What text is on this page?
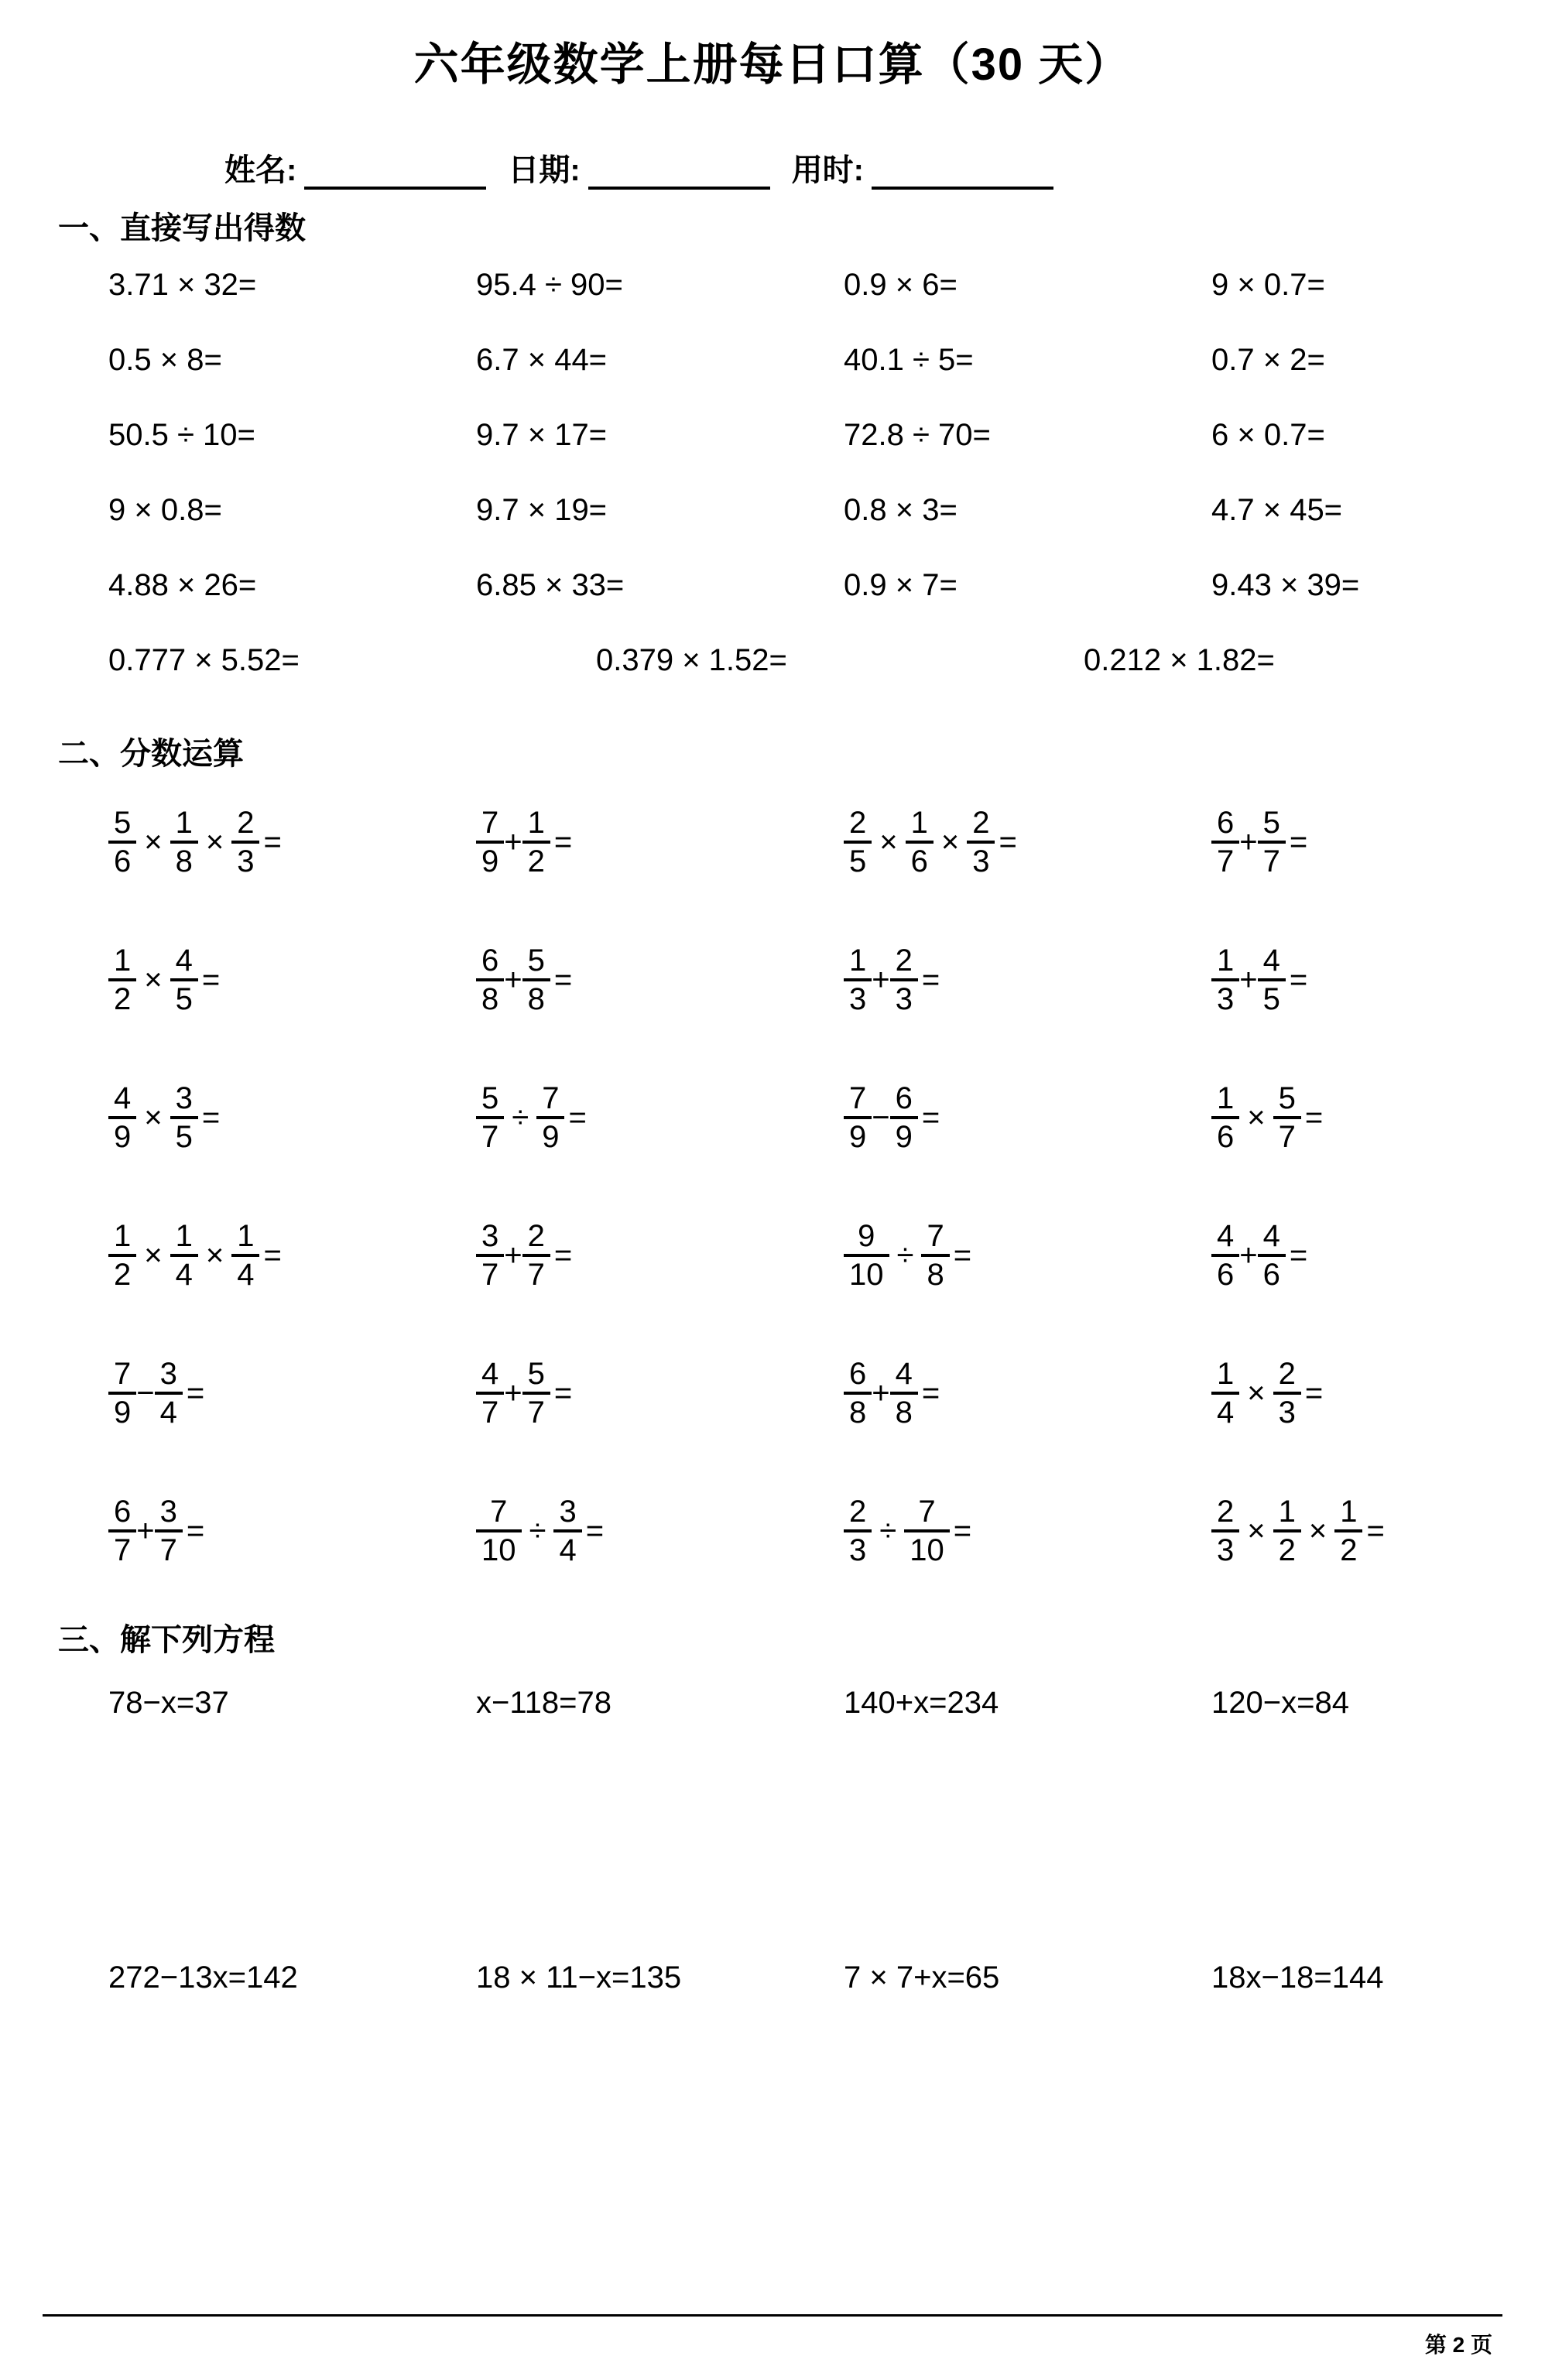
六年级数学上册每日口算（30 天）
姓名:	日期:	用时:
一、直接写出得数
3.71 × 32=	95.4 ÷ 90=	0.9 × 6=	9 × 0.7=
0.5 × 8=	6.7 × 44=	40.1 ÷ 5=	0.7 × 2=
50.5 ÷ 10=	9.7 × 17=	72.8 ÷ 70=	6 × 0.7=
9 × 0.8=	9.7 × 19=	0.8 × 3=	4.7 × 45=
4.88 × 26=	6.85 × 33=	0.9 × 7=	9.43 × 39=
0.777 × 5.52=	0.379 × 1.52=	0.212 × 1.82=
二、分数运算
$\frac{5}{6} \times \frac{1}{8} \times \frac{2}{3}$ =	$\frac{7}{9} + \frac{1}{2}$ =	$\frac{2}{5} \times \frac{1}{6} \times \frac{2}{3}$ =	$\frac{6}{7} + \frac{5}{7}$ =
$\frac{1}{2} \times \frac{4}{5}$ =	$\frac{6}{8} + \frac{5}{8}$ =	$\frac{1}{3} + \frac{2}{3}$ =	$\frac{1}{3} + \frac{4}{5}$ =
$\frac{4}{9} \times \frac{3}{5}$ =	$\frac{5}{7} \div \frac{7}{9}$ =	$\frac{7}{9} - \frac{6}{9}$ =	$\frac{1}{6} \times \frac{5}{7}$ =
$\frac{1}{2} \times \frac{1}{4} \times \frac{1}{4}$ =	$\frac{3}{7} + \frac{2}{7}$ =	$\frac{9}{10} \div \frac{7}{8}$ =	$\frac{4}{6} + \frac{4}{6}$ =
$\frac{7}{9} - \frac{3}{4}$ =	$\frac{4}{7} + \frac{5}{7}$ =	$\frac{6}{8} + \frac{4}{8}$ =	$\frac{1}{4} \times \frac{2}{3}$ =
$\frac{6}{7} + \frac{3}{7}$ =	$\frac{7}{10} \div \frac{3}{4}$ =	$\frac{2}{3} \div \frac{7}{10}$ =	$\frac{2}{3} \times \frac{1}{2} \times \frac{1}{2}$ =
三、解下列方程
78−x=37	x−118=78	140+x=234	120−x=84
272−13x=142	18 × 11−x=135	7 × 7+x=65	18x−18=144
第 2 页
